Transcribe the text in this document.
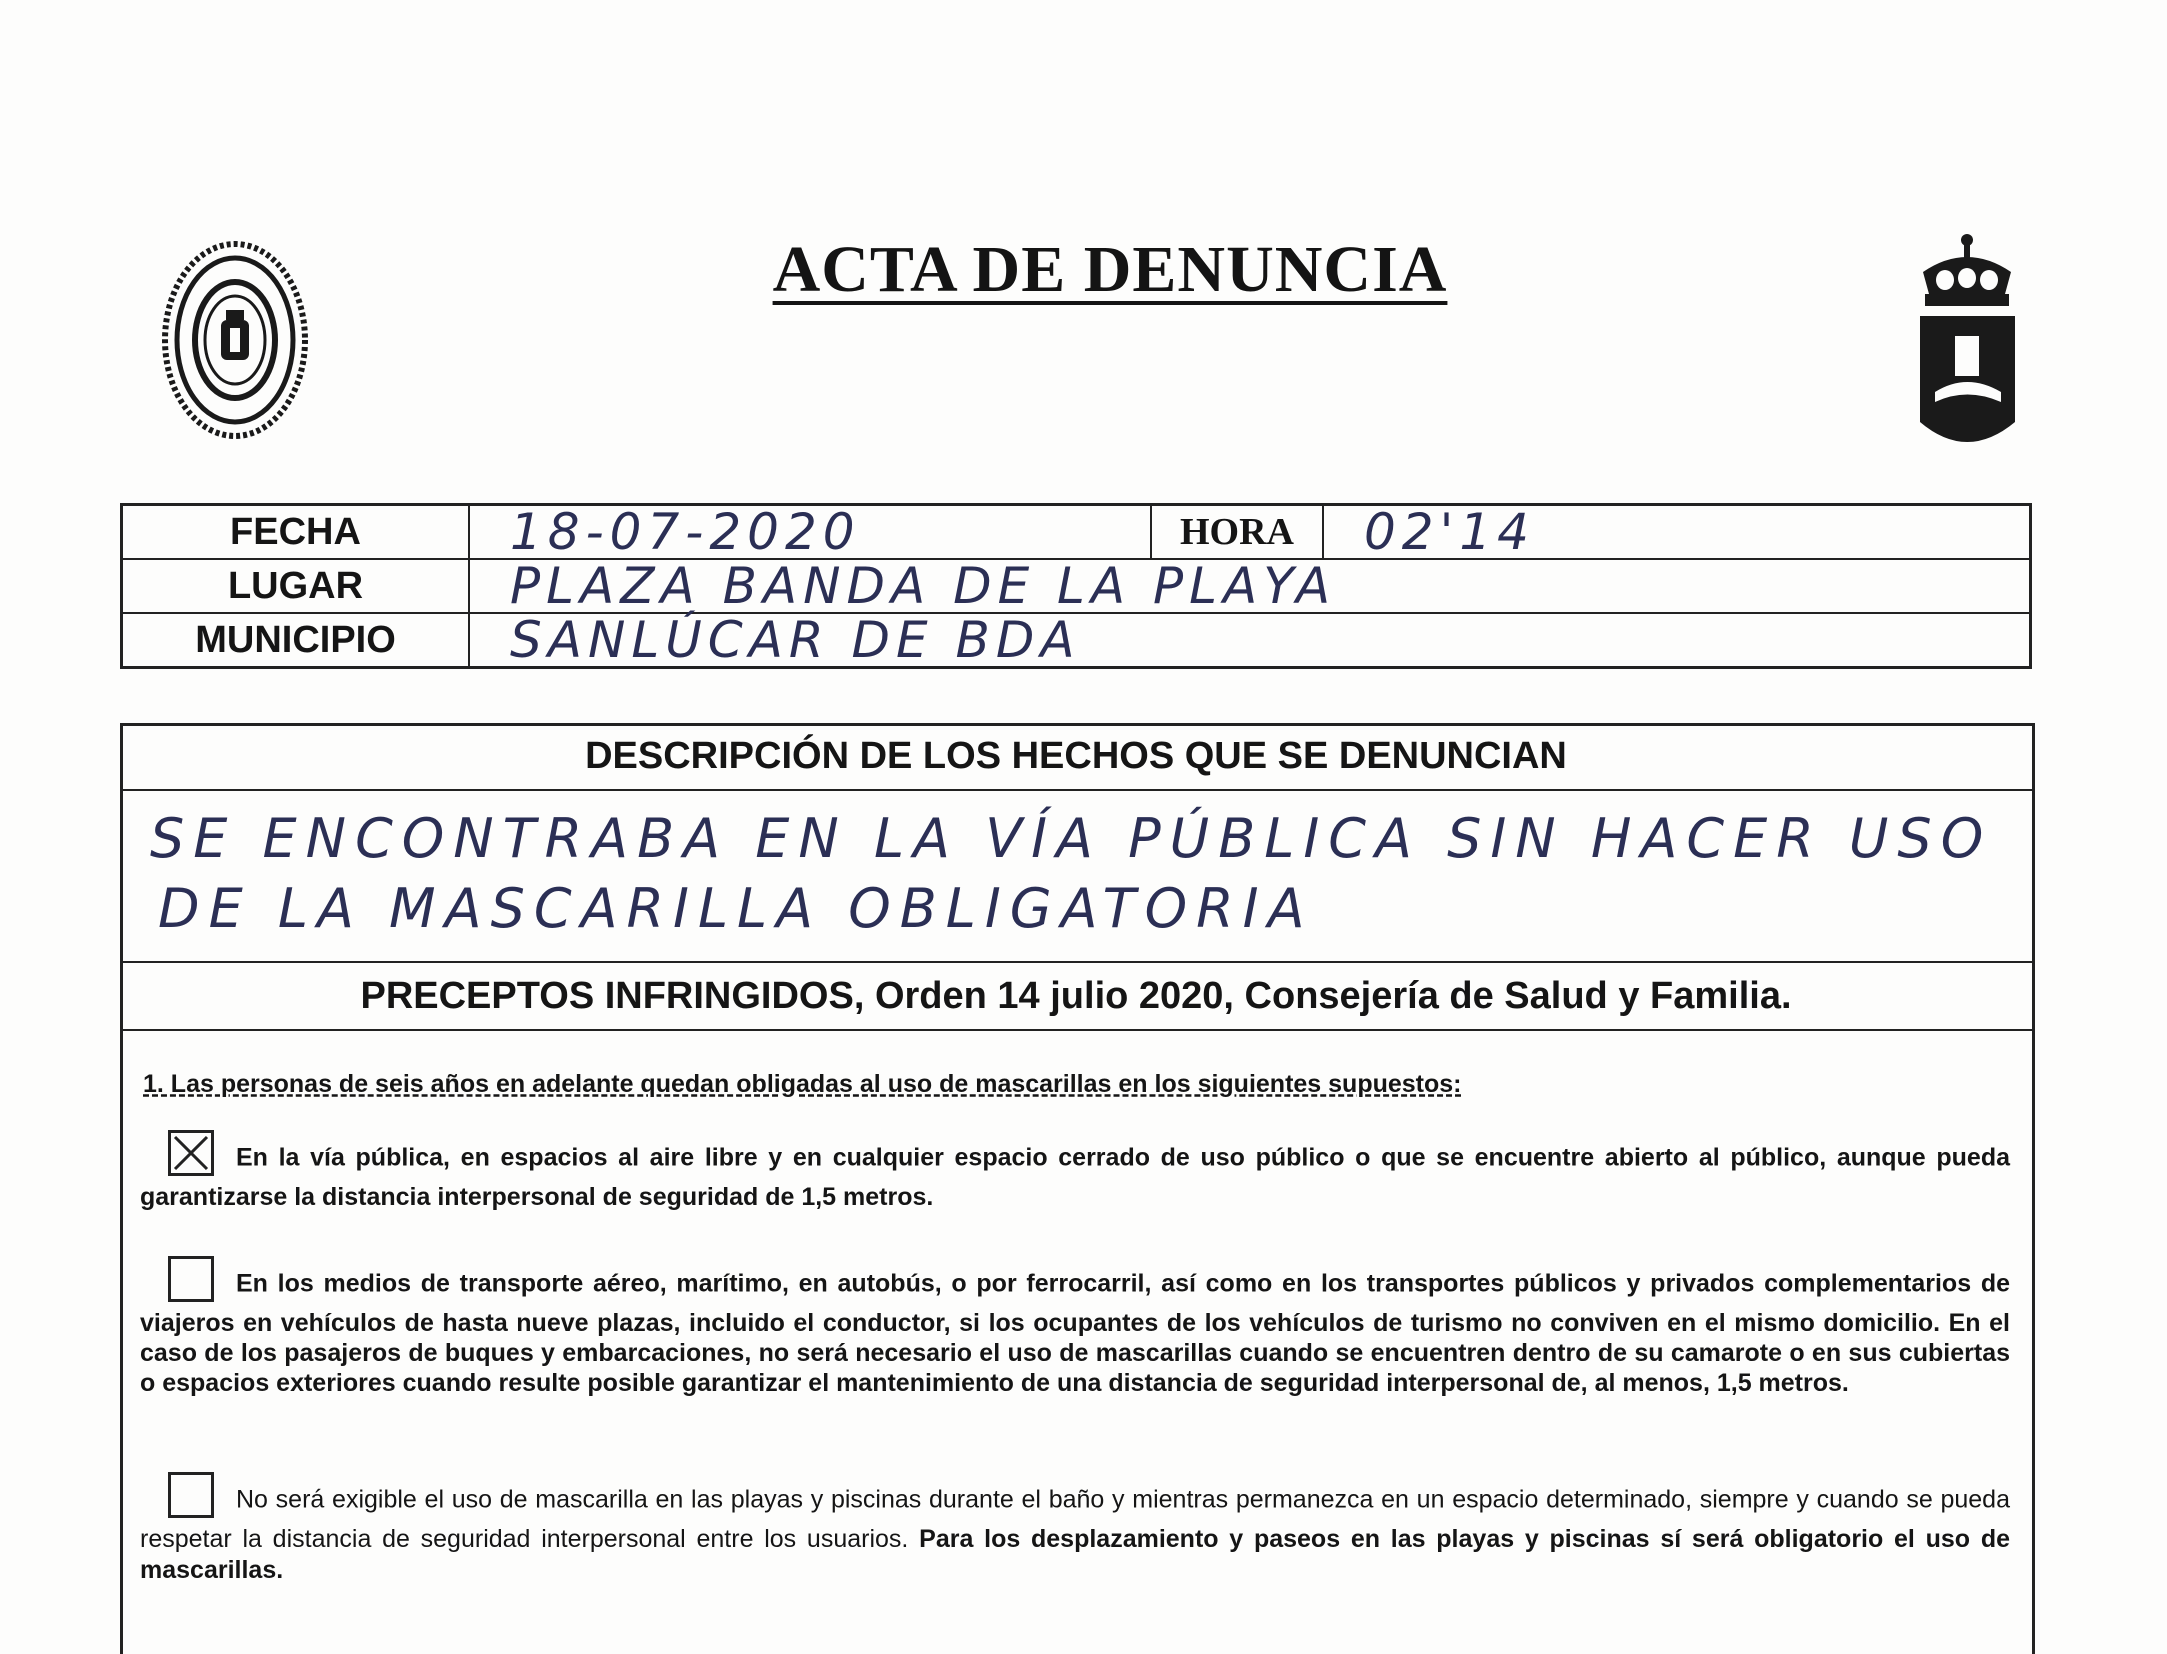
ACTA DE DENUNCIA
FECHA	18-07-2020	HORA	02'14
LUGAR	PLAZA BANDA DE LA PLAYA		
MUNICIPIO	SANLÚCAR DE BDA		
DESCRIPCIÓN DE LOS HECHOS QUE SE DENUNCIAN
SE ENCONTRABA EN LA VÍA PÚBLICA SIN HACER USO
DE LA MASCARILLA OBLIGATORIA
PRECEPTOS INFRINGIDOS, Orden 14 julio 2020, Consejería de Salud y Familia.
1. Las personas de seis años en adelante quedan obligadas al uso de mascarillas en los siguientes supuestos:

En la vía pública, en espacios al aire libre y en cualquier espacio cerrado de uso público o que se encuentre abierto al público, aunque pueda garantizarse la distancia interpersonal de seguridad de 1,5 metros.

En los medios de transporte aéreo, marítimo, en autobús, o por ferrocarril, así como en los transportes públicos y privados complementarios de viajeros en vehículos de hasta nueve plazas, incluido el conductor, si los ocupantes de los vehículos de turismo no conviven en el mismo domicilio. En el caso de los pasajeros de buques y embarcaciones, no será necesario el uso de mascarillas cuando se encuentren dentro de su camarote o en sus cubiertas o espacios exteriores cuando resulte posible garantizar el mantenimiento de una distancia de seguridad interpersonal de, al menos, 1,5 metros.

No será exigible el uso de mascarilla en las playas y piscinas durante el baño y mientras permanezca en un espacio determinado, siempre y cuando se pueda respetar la distancia de seguridad interpersonal entre los usuarios. Para los desplazamiento y paseos en las playas y piscinas sí será obligatorio el uso de mascarillas.
